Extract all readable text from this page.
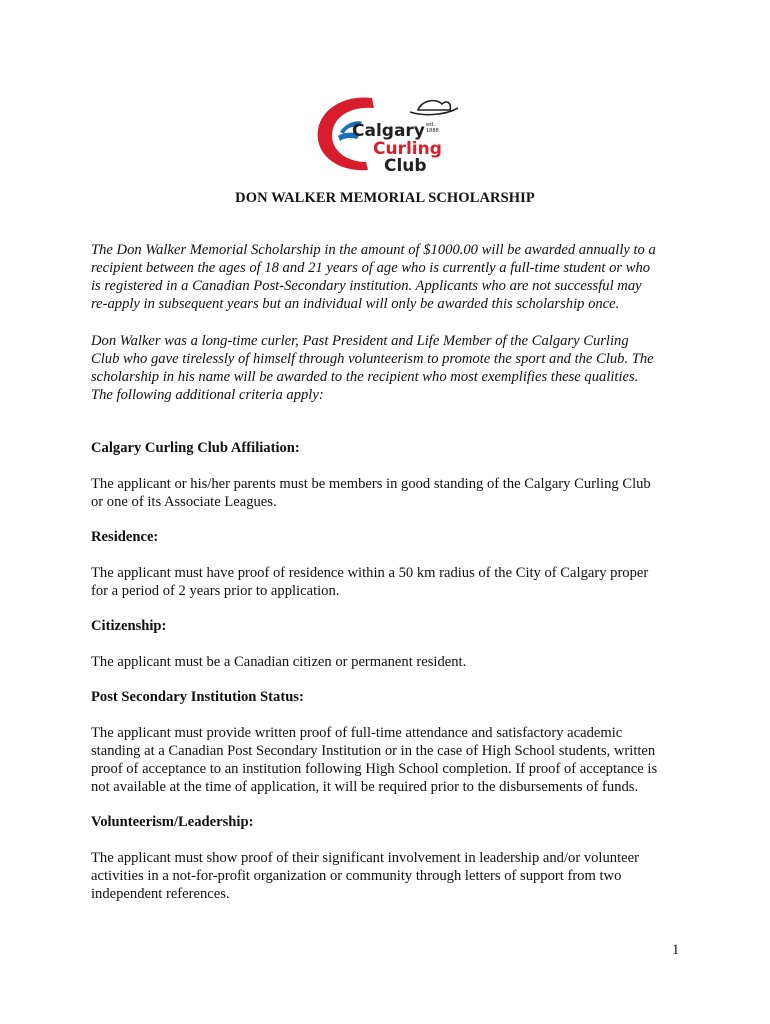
Calgary est.
1888
Curling
Club
DON WALKER MEMORIAL SCHOLARSHIP
The Don Walker Memorial Scholarship in the amount of $1000.00 will be awarded annually to a
recipient between the ages of 18 and 21 years of age who is currently a full-time student or who
is registered in a Canadian Post-Secondary institution. Applicants who are not successful may
re-apply in subsequent years but an individual will only be awarded this scholarship once.
Don Walker was a long-time curler, Past President and Life Member of the Calgary Curling
Club who gave tirelessly of himself through volunteerism to promote the sport and the Club. The
scholarship in his name will be awarded to the recipient who most exemplifies these qualities.
The following additional criteria apply:
Calgary Curling Club Affiliation:
The applicant or his/her parents must be members in good standing of the Calgary Curling Club
or one of its Associate Leagues.
Residence:
The applicant must have proof of residence within a 50 km radius of the City of Calgary proper
for a period of 2 years prior to application.
Citizenship:
The applicant must be a Canadian citizen or permanent resident.
Post Secondary Institution Status:
The applicant must provide written proof of full-time attendance and satisfactory academic
standing at a Canadian Post Secondary Institution or in the case of High School students, written
proof of acceptance to an institution following High School completion. If proof of acceptance is
not available at the time of application, it will be required prior to the disbursements of funds.
Volunteerism/Leadership:
The applicant must show proof of their significant involvement in leadership and/or volunteer
activities in a not-for-profit organization or community through letters of support from two
independent references.
1
